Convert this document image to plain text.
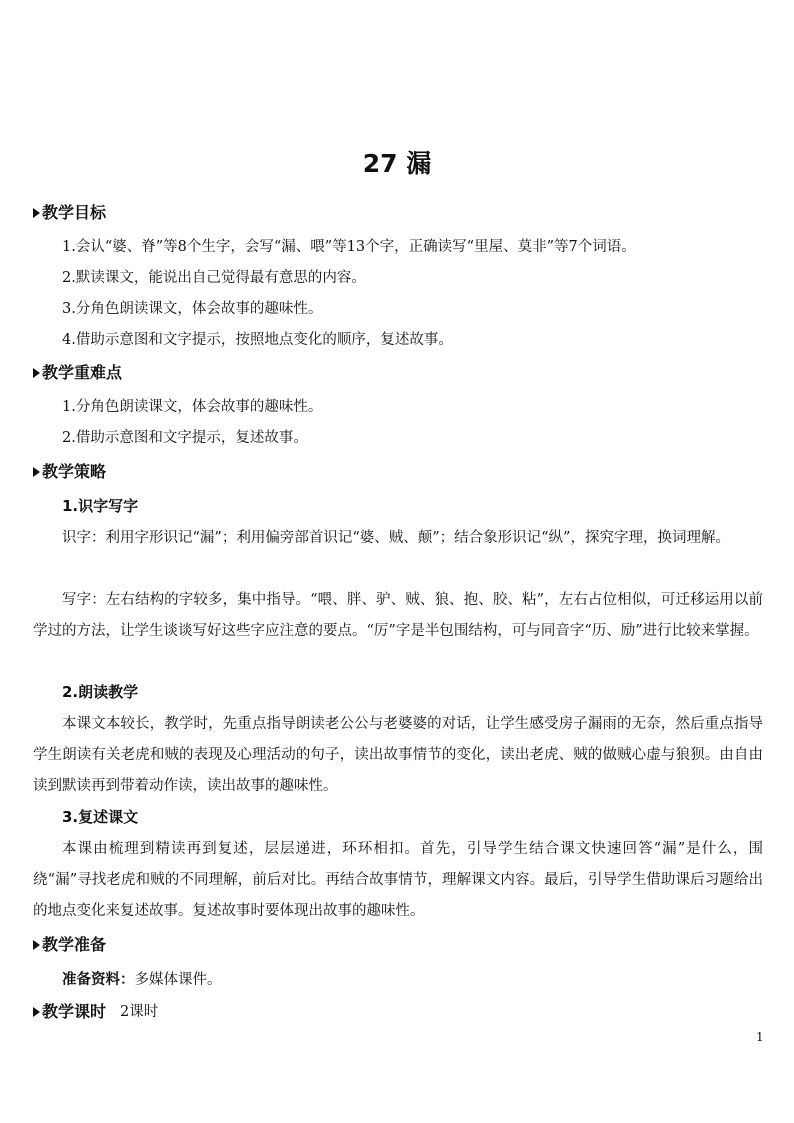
27 漏
教学目标
1.会认“婆、脊”等8个生字，会写“漏、喂”等13个字，正确读写“里屋、莫非”等7个词语。
2.默读课文，能说出自己觉得最有意思的内容。
3.分角色朗读课文，体会故事的趣味性。
4.借助示意图和文字提示，按照地点变化的顺序，复述故事。
教学重难点
1.分角色朗读课文，体会故事的趣味性。
2.借助示意图和文字提示，复述故事。
教学策略
1.识字写字
识字：利用字形识记“漏”；利用偏旁部首识记“婆、贼、颠”；结合象形识记“纵”，探究字理，换词理解。
写字：左右结构的字较多，集中指导。“喂、胖、驴、贼、狼、抱、胶、粘”，左右占位相似，可迁移运用以前学过的方法，让学生谈谈写好这些字应注意的要点。“厉”字是半包围结构，可与同音字“历、励”进行比较来掌握。
2.朗读教学
本课文本较长，教学时，先重点指导朗读老公公与老婆婆的对话，让学生感受房子漏雨的无奈，然后重点指导学生朗读有关老虎和贼的表现及心理活动的句子，读出故事情节的变化，读出老虎、贼的做贼心虚与狼狈。由自由读到默读再到带着动作读，读出故事的趣味性。
3.复述课文
本课由梳理到精读再到复述，层层递进，环环相扣。首先，引导学生结合课文快速回答“漏”是什么，围绕“漏”寻找老虎和贼的不同理解，前后对比。再结合故事情节，理解课文内容。最后，引导学生借助课后习题给出的地点变化来复述故事。复述故事时要体现出故事的趣味性。
教学准备
准备资料：多媒体课件。
教学课时 2课时
1
